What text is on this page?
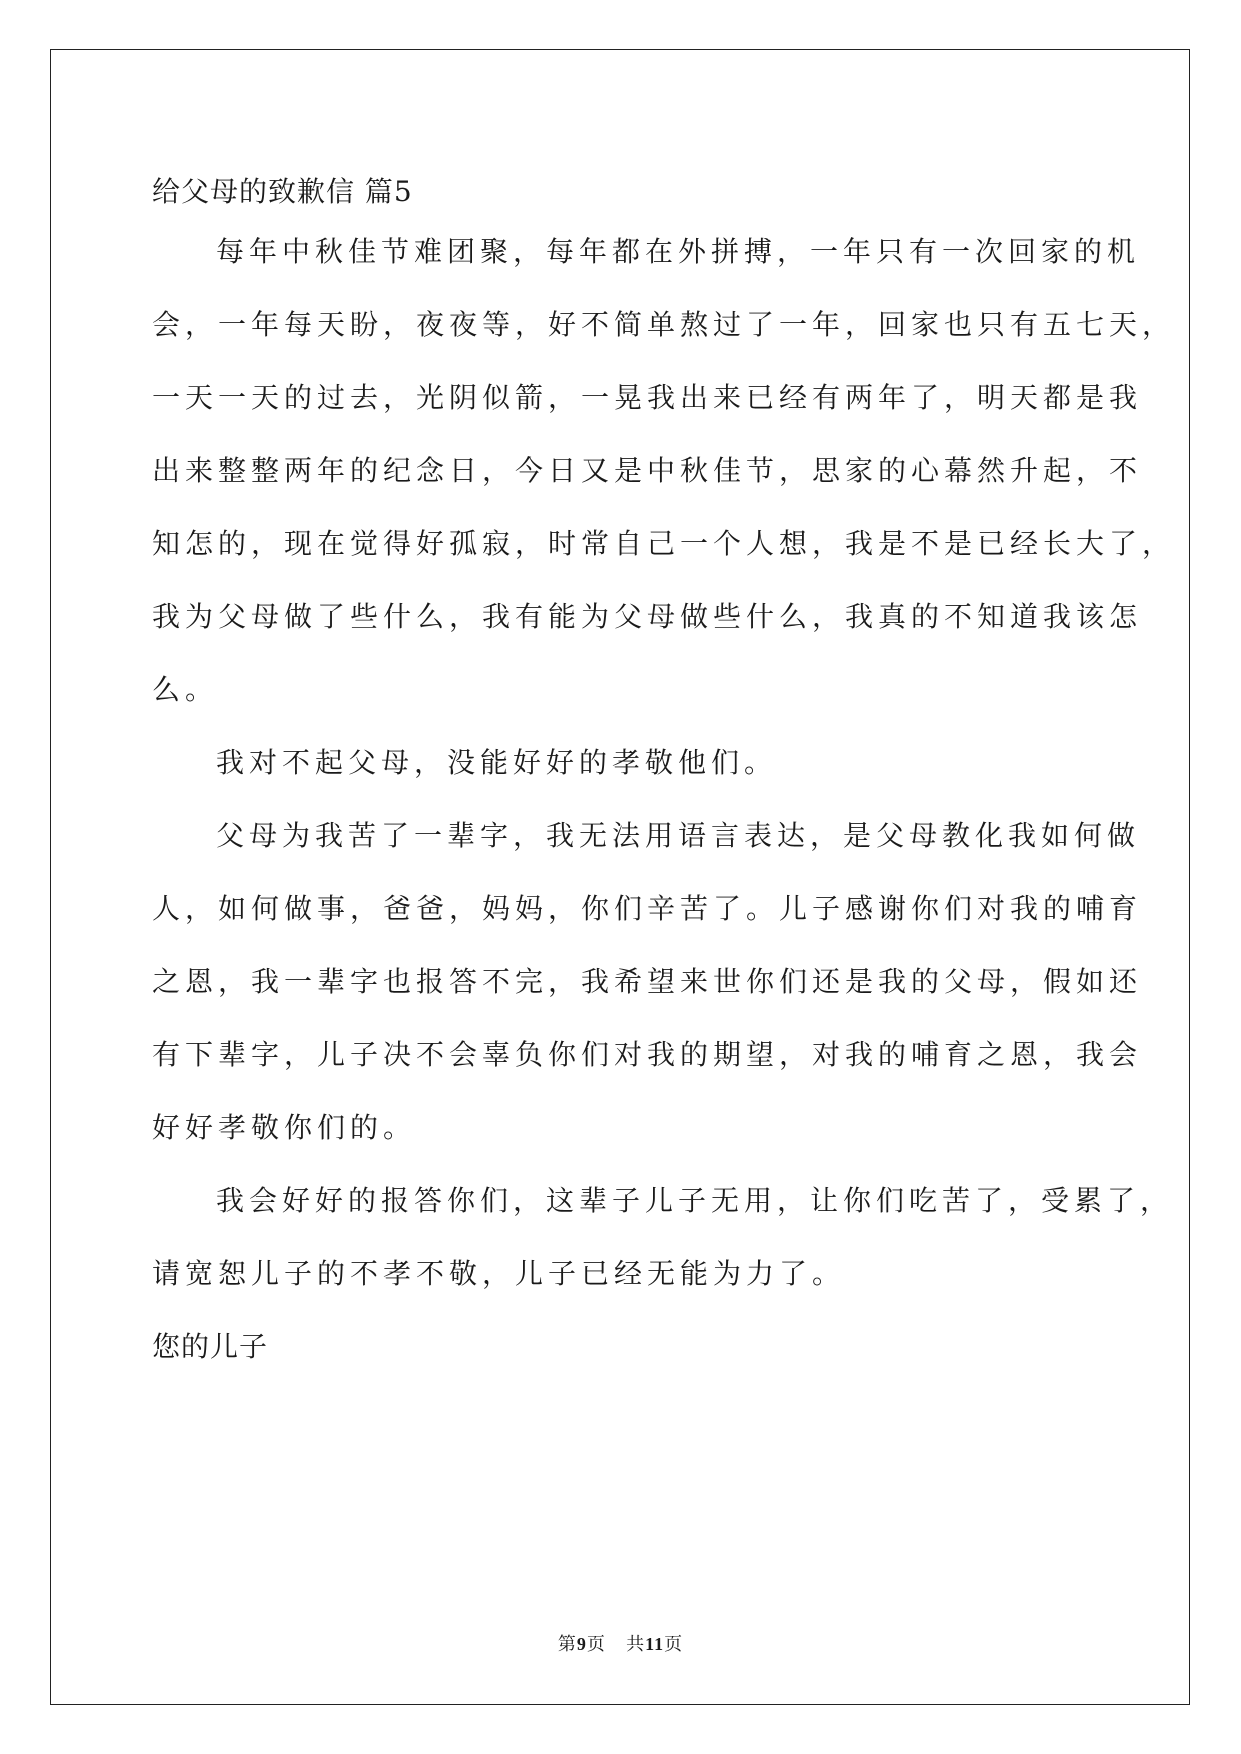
给父母的致歉信 篇5
每年中秋佳节难团聚，每年都在外拼搏，一年只有一次回家的机
会，一年每天盼，夜夜等，好不简单熬过了一年，回家也只有五七天，
一天一天的过去，光阴似箭，一晃我出来已经有两年了，明天都是我
出来整整两年的纪念日，今日又是中秋佳节，思家的心幕然升起，不
知怎的，现在觉得好孤寂，时常自己一个人想，我是不是已经长大了，
我为父母做了些什么，我有能为父母做些什么，我真的不知道我该怎
么。
我对不起父母，没能好好的孝敬他们。
父母为我苦了一辈字，我无法用语言表达，是父母教化我如何做
人，如何做事，爸爸，妈妈，你们辛苦了。儿子感谢你们对我的哺育
之恩，我一辈字也报答不完，我希望来世你们还是我的父母，假如还
有下辈字，儿子决不会辜负你们对我的期望，对我的哺育之恩，我会
好好孝敬你们的。
我会好好的报答你们，这辈子儿子无用，让你们吃苦了，受累了，
请宽恕儿子的不孝不敬，儿子已经无能为力了。
您的儿子
第9页 共11页
